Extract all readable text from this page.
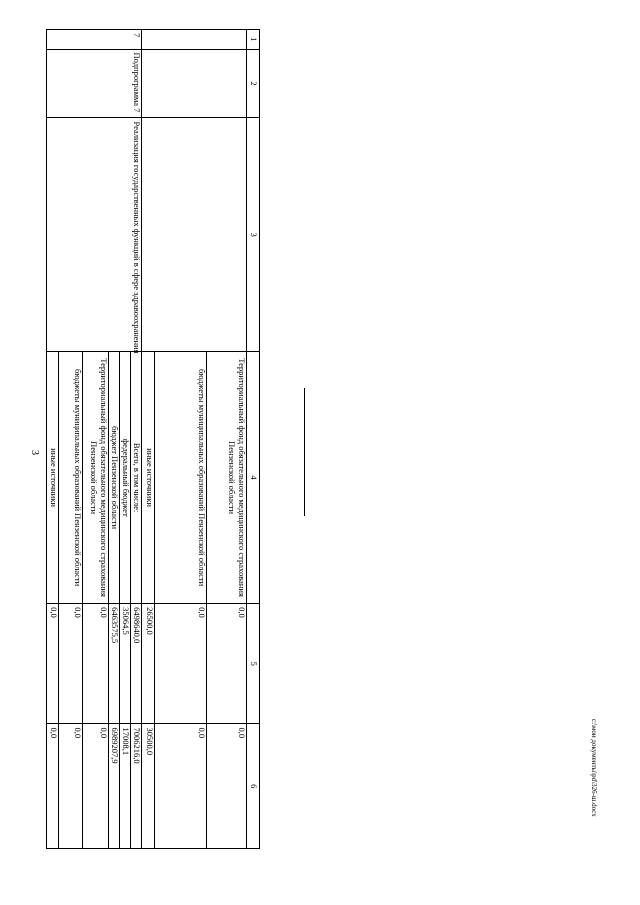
3
1	2	3	4	5	6
			Территориальный фонд обязательного медицинского страхования Пензенской области	0,0	0,0
			бюджеты муниципальных образований Пензенской области	0,0	0,0
			иные источники	26500,0	30500,0
7	Подпрограмма 7	Реализация государственных функций в сфере здравоохранения	Всего, в том числе:	6498640,0	7006216,0
			федеральный бюджет	35064,5	17008,1
			бюджет Пензенской области	6463575,5	6989207,9
			Территориальный фонд обязательного медицинского страхования Пензенской области	0,0	0,0
			бюджеты муниципальных образований Пензенской области	0,0	0,0
			иные источники	0,0	0,0	c:\мои документы\pd\326-ш.docx
